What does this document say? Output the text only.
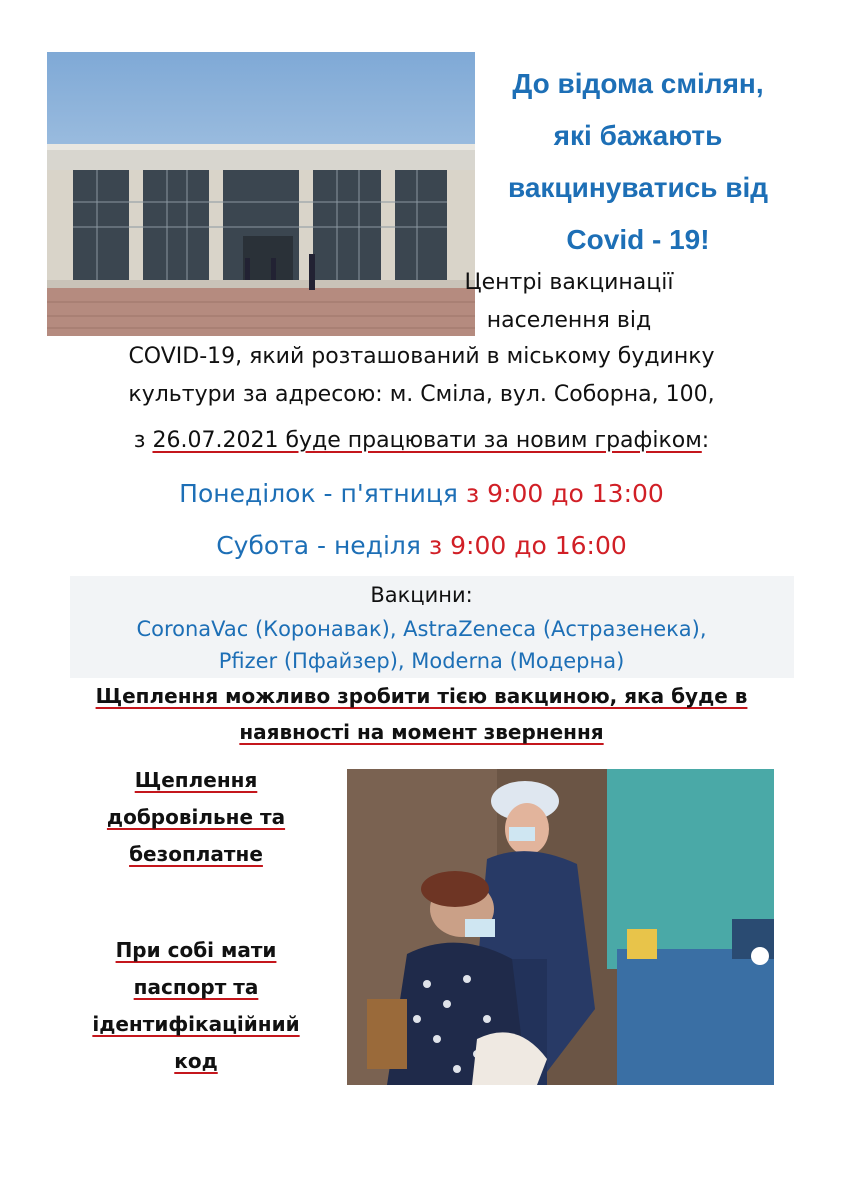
До відома смілян,
які бажають
вакцинуватись від
Covid - 19!
Центрі вакцинації
населення від
COVID-19, який розташований в міському будинку
культури за адресою: м. Сміла, вул. Соборна, 100,
з 26.07.2021 буде працювати за новим графіком:
Понеділок - п'ятниця з 9:00 до 13:00
Субота - неділя з 9:00 до 16:00
Вакцини:
CoronaVac (Коронавак), AstraZeneca (Астразенека),
Pfizer (Пфайзер), Moderna (Модерна)
Щеплення можливо зробити тією вакциною, яка буде в
наявності на момент звернення
Щеплення
добровільне та
безоплатне
При собі мати
паспорт та
ідентифікаційний
код
